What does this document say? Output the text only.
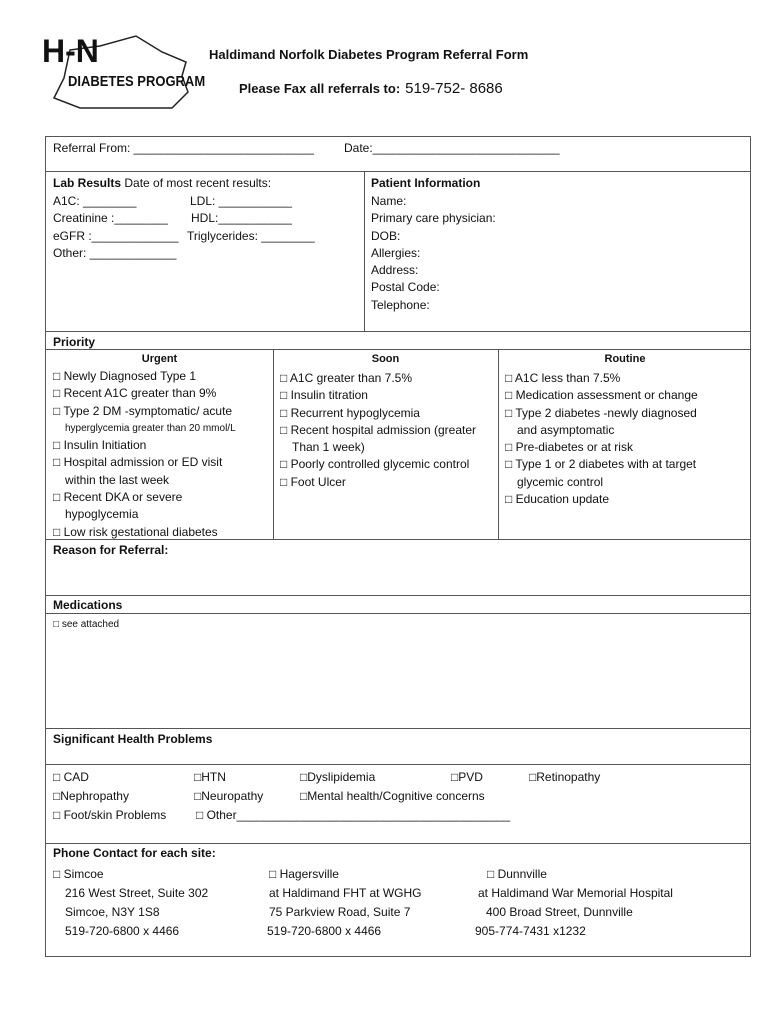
H-N
DIABETES PROGRAM
Haldimand Norfolk Diabetes Program Referral Form
Please Fax all referrals to: 519-752- 8686
Referral From: ___________________________	Date:____________________________
Lab Results Date of most recent results:
A1C: ________	LDL: ___________
Creatinine :________ HDL:___________
eGFR :_____________ Triglycerides: ________
Other: _____________
Patient Information
Name:
Primary care physician:
DOB:
Allergies:
Address:
Postal Code:
Telephone:
Priority
Urgent
□ Newly Diagnosed Type 1
□ Recent A1C greater than 9%
□ Type 2 DM -symptomatic/ acute
hyperglycemia greater than 20 mmol/L
□ Insulin Initiation
□ Hospital admission or ED visit
within the last week
□ Recent DKA or severe
hypoglycemia
□ Low risk gestational diabetes
Soon
□ A1C greater than 7.5%
□ Insulin titration
□ Recurrent hypoglycemia
□ Recent hospital admission (greater
Than 1 week)
□ Poorly controlled glycemic control
□ Foot Ulcer
Routine
□ A1C less than 7.5%
□ Medication assessment or change
□ Type 2 diabetes -newly diagnosed
and asymptomatic
□ Pre-diabetes or at risk
□ Type 1 or 2 diabetes with at target
glycemic control
□ Education update
Reason for Referral:
Medications
□ see attached
Significant Health Problems
□ CAD	□HTN	□Dyslipidemia	□PVD	□Retinopathy
□Nephropathy	□Neuropathy	□Mental health/Cognitive concerns
□ Foot/skin Problems □ Other_________________________________________
Phone Contact for each site:
□ Simcoe
216 West Street, Suite 302
Simcoe, N3Y 1S8
519-720-6800 x 4466
□ Hagersville
at Haldimand FHT at WGHG
75 Parkview Road, Suite 7
519-720-6800 x 4466
□ Dunnville
at Haldimand War Memorial Hospital
400 Broad Street, Dunnville
905-774-7431 x1232
